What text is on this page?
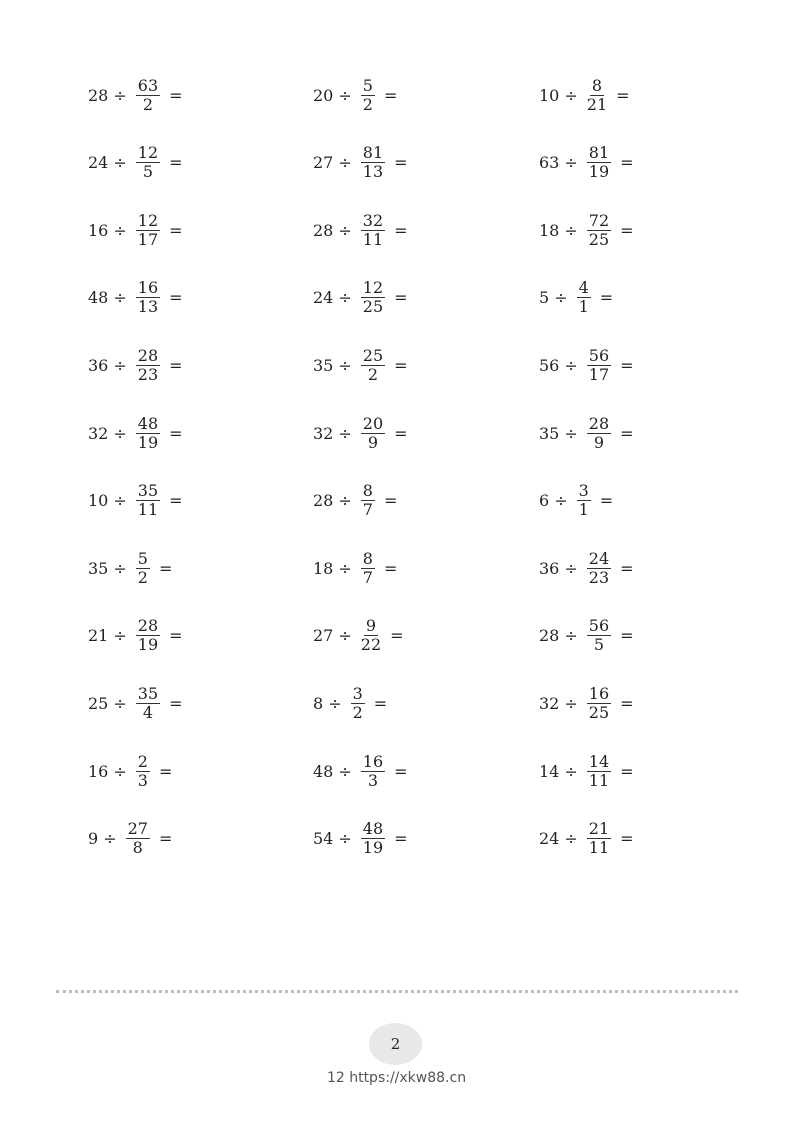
$28 \div \frac{63}{2}$ =	$20 \div \frac{5}{2}$ =	$10 \div \frac{8}{21}$ =
$24 \div \frac{12}{5}$ =	$27 \div \frac{81}{13}$ =	$63 \div \frac{81}{19}$ =
$16 \div \frac{12}{17}$ =	$28 \div \frac{32}{11}$ =	$18 \div \frac{72}{25}$ =
$48 \div \frac{16}{13}$ =	$24 \div \frac{12}{25}$ =	$5 \div \frac{4}{1}$ =
$36 \div \frac{28}{23}$ =	$35 \div \frac{25}{2}$ =	$56 \div \frac{56}{17}$ =
$32 \div \frac{48}{19}$ =	$32 \div \frac{20}{9}$ =	$35 \div \frac{28}{9}$ =
$10 \div \frac{35}{11}$ =	$28 \div \frac{8}{7}$ =	$6 \div \frac{3}{1}$ =
$35 \div \frac{5}{2}$ =	$18 \div \frac{8}{7}$ =	$36 \div \frac{24}{23}$ =
$21 \div \frac{28}{19}$ =	$27 \div \frac{9}{22}$ =	$28 \div \frac{56}{5}$ =
$25 \div \frac{35}{4}$ =	$8 \div \frac{3}{2}$ =	$32 \div \frac{16}{25}$ =
$16 \div \frac{2}{3}$ =	$48 \div \frac{16}{3}$ =	$14 \div \frac{14}{11}$ =
$9 \div \frac{27}{8}$ =	$54 \div \frac{48}{19}$ =	$24 \div \frac{21}{11}$ =
2
12 https://xkw88.cn
